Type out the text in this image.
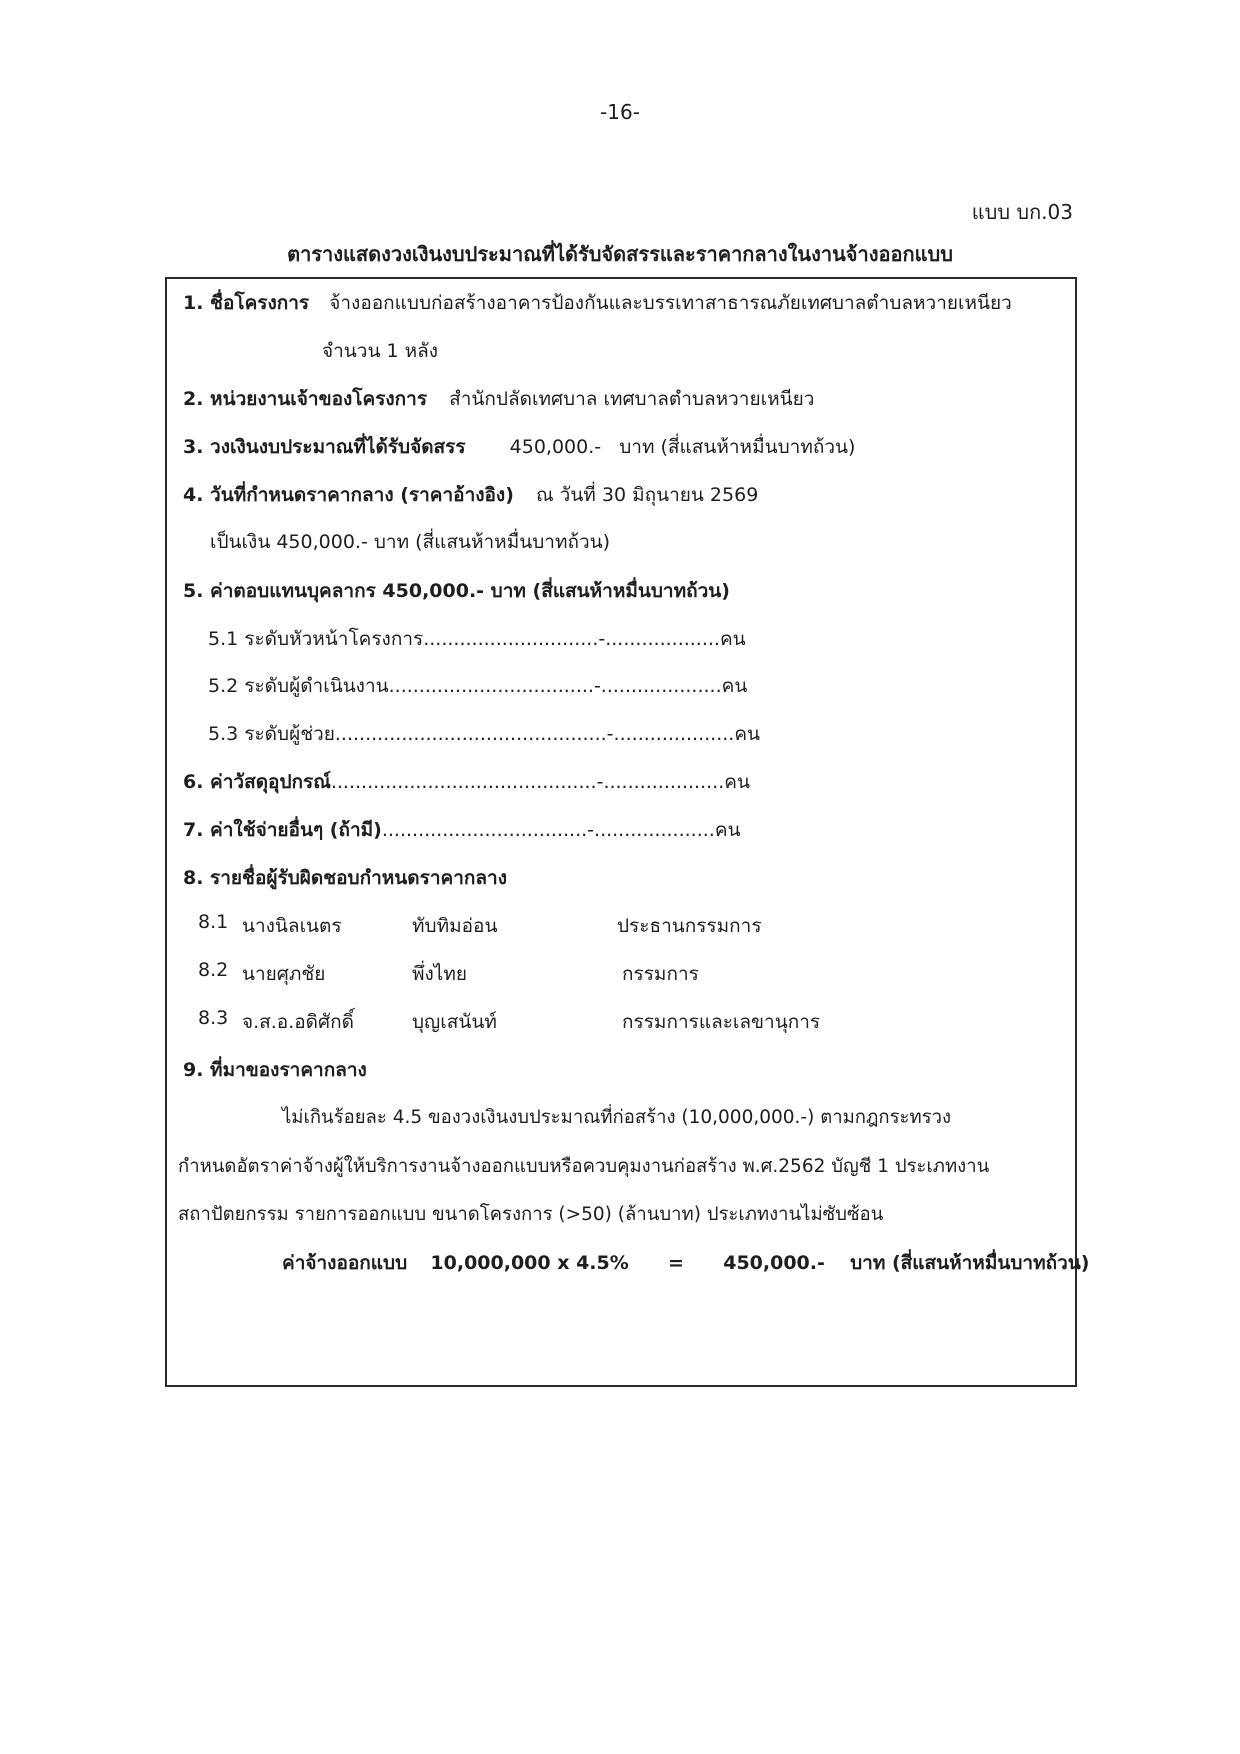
-16-
แบบ บก.03
ตารางแสดงวงเงินงบประมาณที่ได้รับจัดสรรและราคากลางในงานจ้างออกแบบ
1. ชื่อโครงการ จ้างออกแบบก่อสร้างอาคารป้องกันและบรรเทาสาธารณภัยเทศบาลตำบลหวายเหนียว
จำนวน 1 หลัง
2. หน่วยงานเจ้าของโครงการ สำนักปลัดเทศบาล เทศบาลตำบลหวายเหนียว
3. วงเงินงบประมาณที่ได้รับจัดสรร 450,000.- บาท (สี่แสนห้าหมื่นบาทถ้วน)
4. วันที่กำหนดราคากลาง (ราคาอ้างอิง) ณ วันที่ 30 มิถุนายน 2569
เป็นเงิน 450,000.- บาท (สี่แสนห้าหมื่นบาทถ้วน)
5. ค่าตอบแทนบุคลากร 450,000.- บาท (สี่แสนห้าหมื่นบาทถ้วน)
5.1 ระดับหัวหน้าโครงการ.............................-...................คน
5.2 ระดับผู้ดำเนินงาน..................................-....................คน
5.3 ระดับผู้ช่วย.............................................-....................คน
6. ค่าวัสดุอุปกรณ์............................................-....................คน
7. ค่าใช้จ่ายอื่นๆ (ถ้ามี)..................................-....................คน
8. รายชื่อผู้รับผิดชอบกำหนดราคากลาง
8.1 นางนิลเนตร	ทับทิมอ่อน	ประธานกรรมการ
8.2 นายศุภชัย	พึ่งไทย	กรรมการ
8.3 จ.ส.อ.อดิศักดิ์	บุญเสนันท์	กรรมการและเลขานุการ
9. ที่มาของราคากลาง
ไม่เกินร้อยละ 4.5 ของวงเงินงบประมาณที่ก่อสร้าง (10,000,000.-) ตามกฎกระทรวง
กำหนดอัตราค่าจ้างผู้ให้บริการงานจ้างออกแบบหรือควบคุมงานก่อสร้าง พ.ศ.2562 บัญชี 1 ประเภทงาน
สถาปัตยกรรม รายการออกแบบ ขนาดโครงการ (>50) (ล้านบาท) ประเภทงานไม่ซับซ้อน
ค่าจ้างออกแบบ 10,000,000 x 4.5% = 450,000.- บาท (สี่แสนห้าหมื่นบาทถ้วน)
